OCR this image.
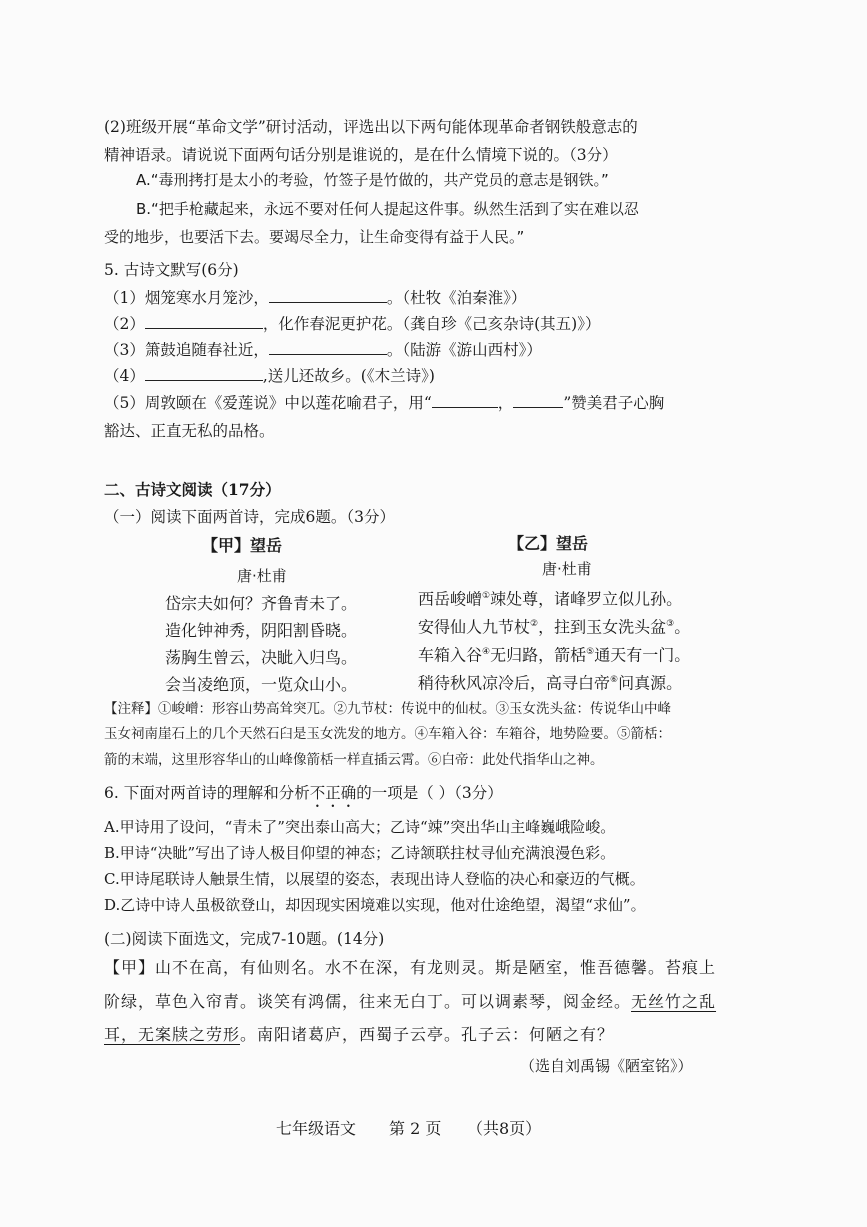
(2)班级开展“革命文学”研讨活动，评选出以下两句能体现革命者钢铁般意志的
精神语录。请说说下面两句话分别是谁说的，是在什么情境下说的。（3分）
A.“毒刑拷打是太小的考验，竹签子是竹做的，共产党员的意志是钢铁。”
B.“把手枪藏起来，永远不要对任何人提起这件事。纵然生活到了实在难以忍
受的地步，也要活下去。要竭尽全力，让生命变得有益于人民。”
5. 古诗文默写(6分)
（1）烟笼寒水月笼沙，	。（杜牧《泊秦淮》）
（2）	，化作春泥更护花。（龚自珍《己亥杂诗(其五)》）
（3）箫鼓追随春社近，	。（陆游《游山西村》）
（4）	,送儿还故乡。(《木兰诗》)
（5）周敦颐在《爱莲说》中以莲花喻君子，用“	，	”赞美君子心胸
豁达、正直无私的品格。
二、古诗文阅读（17分）
（一）阅读下面两首诗，完成6题。（3分）
【甲】望岳
唐·杜甫
岱宗夫如何？齐鲁青未了。
造化钟神秀，阴阳割昏晓。
荡胸生曾云，决眦入归鸟。
会当凌绝顶，一览众山小。
【乙】望岳
唐·杜甫
西岳峻嶒①竦处尊，诸峰罗立似儿孙。
安得仙人九节杖②，拄到玉女洗头盆③。
车箱入谷④无归路，箭栝⑤通天有一门。
稍待秋风凉冷后，高寻白帝⑥问真源。
【注释】①峻嶒：形容山势高耸突兀。②九节杖：传说中的仙杖。③玉女洗头盆：传说华山中峰
玉女祠南崖石上的几个天然石臼是玉女洗发的地方。④车箱入谷：车箱谷，地势险要。⑤箭栝：
箭的末端，这里形容华山的山峰像箭栝一样直插云霄。⑥白帝：此处代指华山之神。
6. 下面对两首诗的理解和分析不正确的一项是（ ）（3分）
A.甲诗用了设问，“青未了”突出泰山高大；乙诗“竦”突出华山主峰巍峨险峻。
B.甲诗“决眦”写出了诗人极目仰望的神态；乙诗颔联拄杖寻仙充满浪漫色彩。
C.甲诗尾联诗人触景生情，以展望的姿态，表现出诗人登临的决心和豪迈的气概。
D.乙诗中诗人虽极欲登山，却因现实困境难以实现，他对仕途绝望，渴望“求仙”。
(二)阅读下面选文，完成7-10题。(14分)
【甲】山不在高，有仙则名。水不在深，有龙则灵。斯是陋室，惟吾德馨。苔痕上
阶绿，草色入帘青。谈笑有鸿儒，往来无白丁。可以调素琴，阅金经。无丝竹之乱
耳，无案牍之劳形。南阳诸葛庐，西蜀子云亭。孔子云：何陋之有？
（选自刘禹锡《陋室铭》）
七年级语文 第 2 页 （共8页）
